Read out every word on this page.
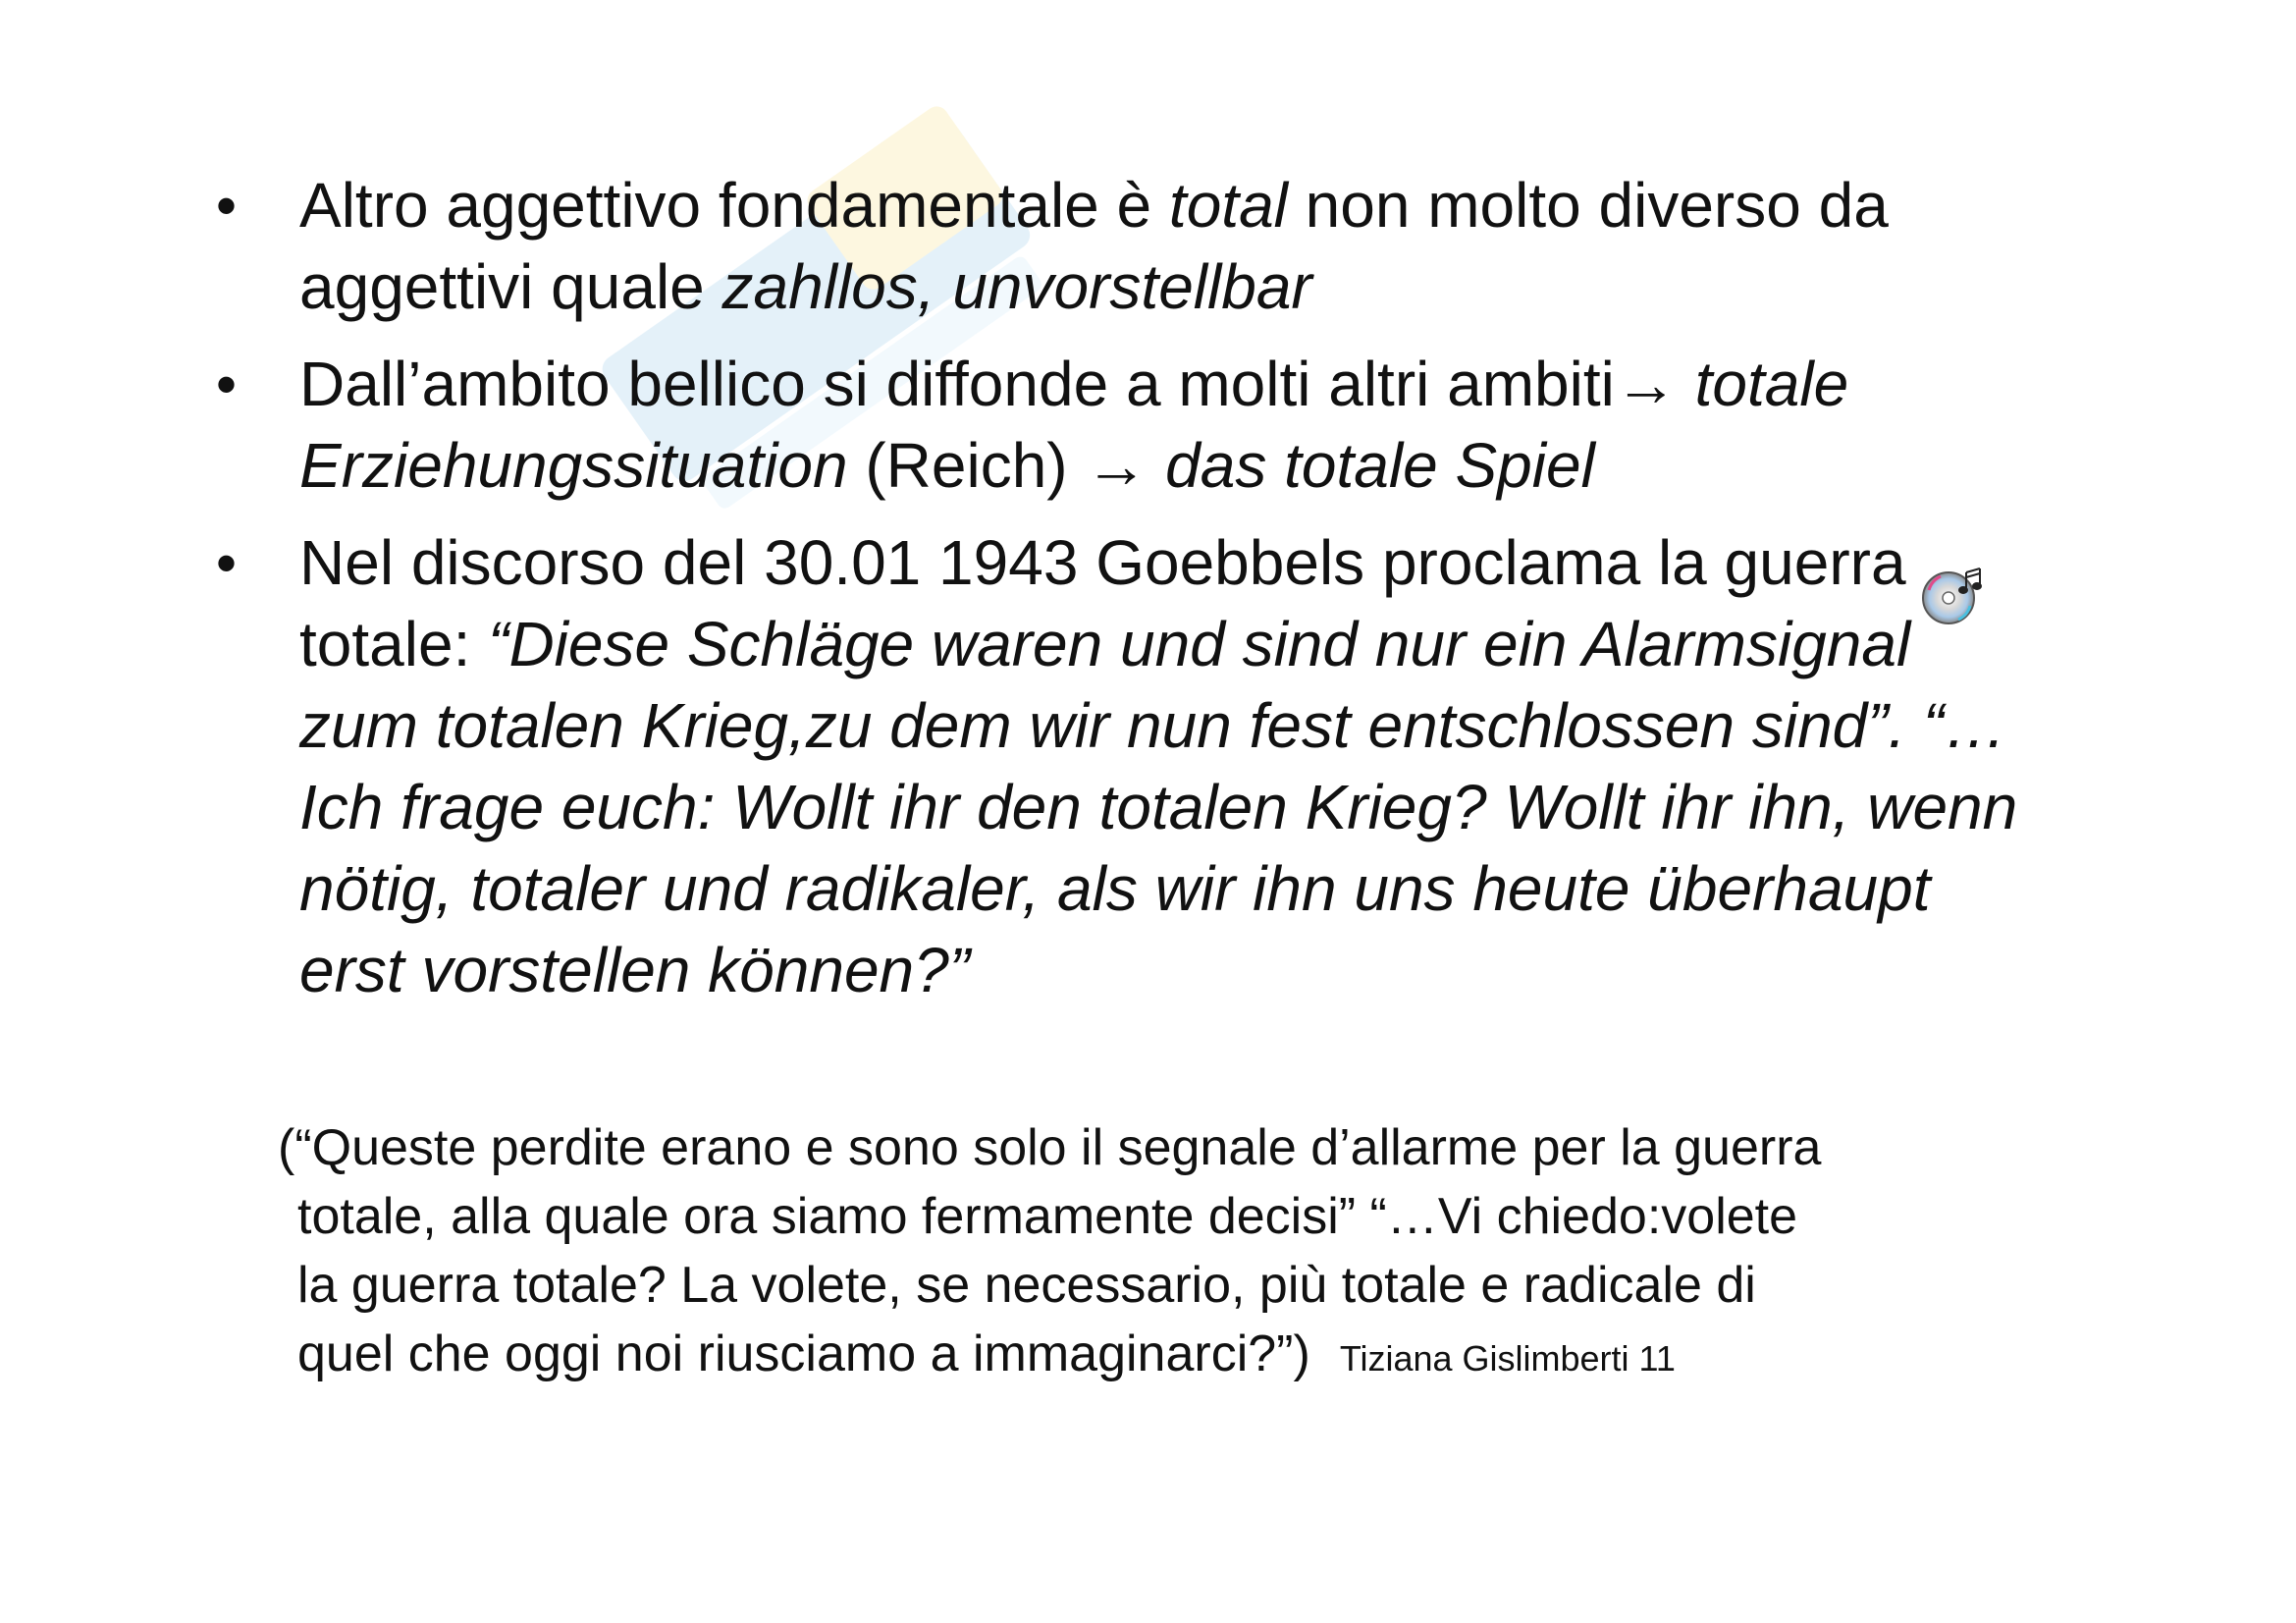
• Altro aggettivo fondamentale è total non molto diverso da aggettivi quale zahllos, unvorstellbar
• Dall’ambito bellico si diffonde a molti altri ambiti→ totale Erziehungssituation (Reich) → das totale Spiel
• Nel discorso del 30.01 1943 Goebbels proclama la guerra totale: “Diese Schläge waren und sind nur ein Alarmsignal zum totalen Krieg,zu dem wir nun fest entschlossen sind”. “… Ich frage euch: Wollt ihr den totalen Krieg? Wollt ihr ihn, wenn nötig, totaler und radikaler, als wir ihn uns heute überhaupt erst vorstellen können?”
(“Queste perdite erano e sono solo il segnale d’allarme per la guerra
totale, alla quale ora siamo fermamente decisi” “…Vi chiedo:volete
la guerra totale? La volete, se necessario, più totale e radicale di
quel che oggi noi riusciamo a immaginarci?”) Tiziana Gislimberti 11
